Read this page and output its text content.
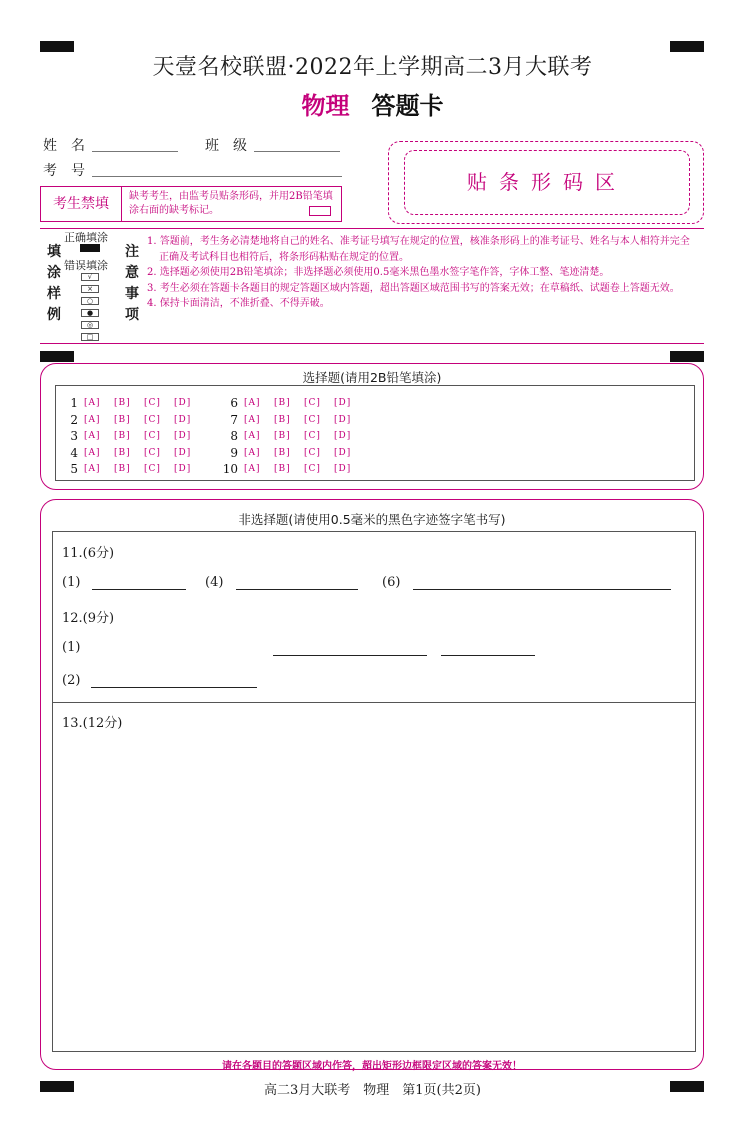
天壹名校联盟·2022年上学期高二3月大联考
物理 答题卡
姓　名	班　级
考　号
考生禁填	缺考考生，由监考员贴条形码，并用2B铅笔填涂右面的缺考标记。
贴条形码区
填
涂
样
例
正确填涂
错误填涂
√
×
○
●
◎
□
注
意
事
项
1. 答题前，考生务必清楚地将自己的姓名、准考证号填写在规定的位置，核准条形码上的准考证号、姓名与本人相符并完全正确及考试科目也相符后，将条形码粘贴在规定的位置。
2. 选择题必须使用2B铅笔填涂；非选择题必须使用0.5毫米黑色墨水签字笔作答，字体工整、笔迹清楚。
3. 考生必须在答题卡各题目的规定答题区域内答题，超出答题区域范围书写的答案无效；在草稿纸、试题卷上答题无效。
4. 保持卡面清洁，不准折叠、不得弄破。
选择题(请用2B铅笔填涂)
1 [A] [B] [C] [D]
2 [A] [B] [C] [D]
3 [A] [B] [C] [D]
4 [A] [B] [C] [D]
5 [A] [B] [C] [D]
6 [A] [B] [C] [D]
7 [A] [B] [C] [D]
8 [A] [B] [C] [D]
9 [A] [B] [C] [D]
10 [A] [B] [C] [D]
非选择题(请使用0.5毫米的黑色字迹签字笔书写)
11.(6分)
(1)	(4)	(6)
12.(9分)
(1)
(2)
13.(12分)
请在各题目的答题区域内作答，超出矩形边框限定区域的答案无效！
高二3月大联考　物理　第1页(共2页)
